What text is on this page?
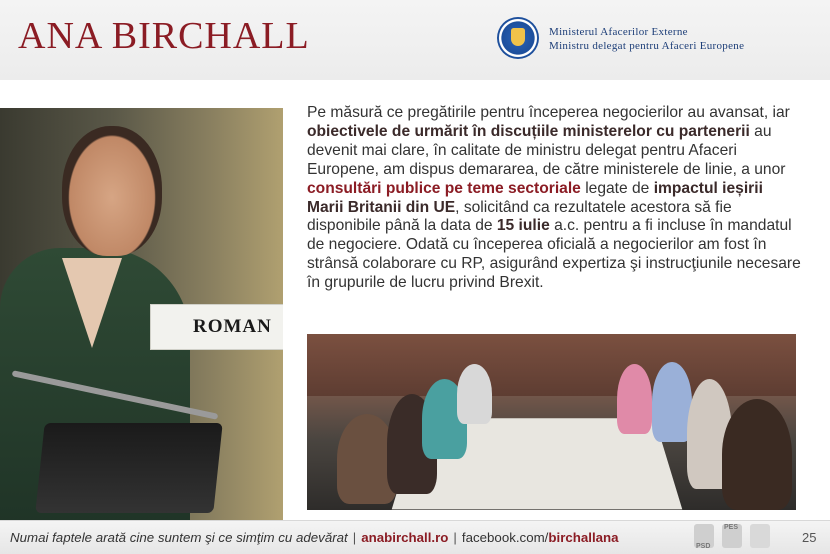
ANA BIRCHALL	Ministerul Afacerilor Externe
Ministru delegat pentru Afaceri Europene
ROMAN
Pe măsură ce pregătirile pentru începerea negocierilor au avansat, iar obiectivele de urmărit în discuțiile ministerelor cu partenerii au devenit mai clare, în calitate de ministru delegat pentru Afaceri Europene, am dispus demararea, de către ministerele de linie, a unor consultări publice pe teme sectoriale legate de impactul ieșirii Marii Britanii din UE, solicitând ca rezultatele acestora să fie disponibile până la data de 15 iulie a.c. pentru a fi incluse în mandatul de negociere. Odată cu începerea oficială a negocierilor am fost în strânsă colaborare cu RP, asigurând expertiza şi instrucţiunile necesare în grupurile de lucru privind Brexit.
Numai faptele arată cine suntem şi ce simţim cu adevărat | anabirchall.ro | facebook.com/birchallana
PSD
PES
25
